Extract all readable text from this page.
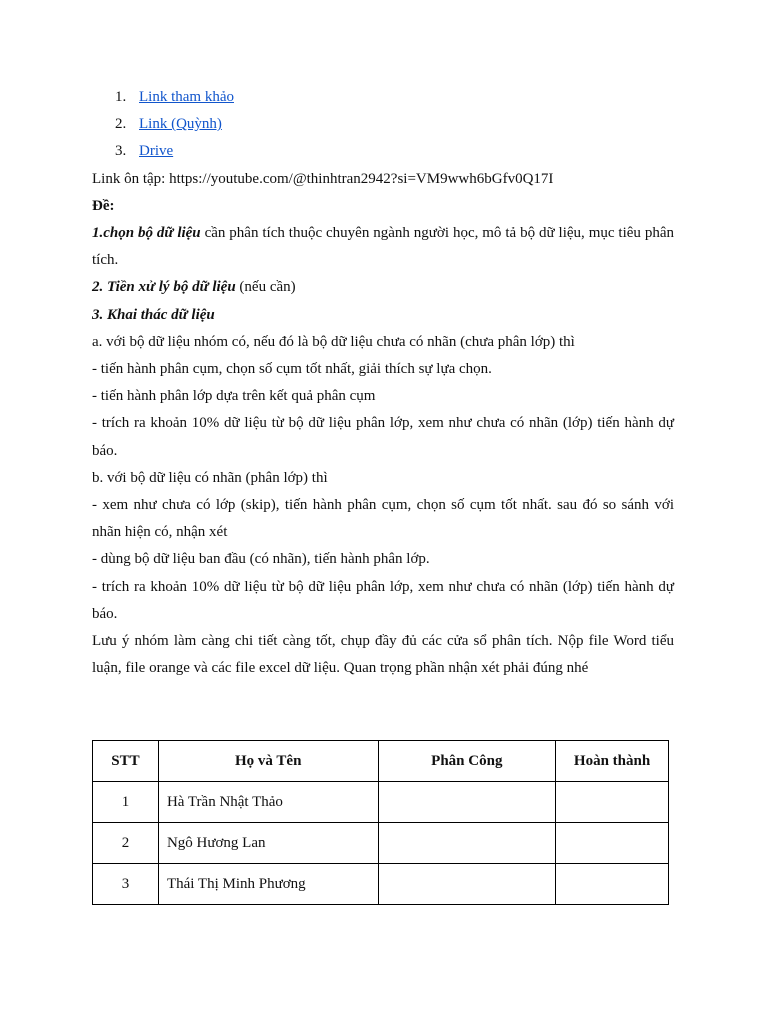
1. Link tham khảo
2. Link (Quỳnh)
3. Drive

Link ôn tập: https://youtube.com/@thinhtran2942?si=VM9wwh6bGfv0Q17I

Đề:

1.chọn bộ dữ liệu cần phân tích thuộc chuyên ngành người học, mô tả bộ dữ liệu, mục tiêu phân tích.

2. Tiền xử lý bộ dữ liệu (nếu cần)

3. Khai thác dữ liệu

a. với bộ dữ liệu nhóm có, nếu đó là bộ dữ liệu chưa có nhãn (chưa phân lớp) thì

- tiến hành phân cụm, chọn số cụm tốt nhất, giải thích sự lựa chọn.

- tiến hành phân lớp dựa trên kết quả phân cụm

- trích ra khoản 10% dữ liệu từ bộ dữ liệu phân lớp, xem như chưa có nhãn (lớp) tiến hành dự báo.

b. với bộ dữ liệu có nhãn (phân lớp) thì

- xem như chưa có lớp (skip), tiến hành phân cụm, chọn số cụm tốt nhất. sau đó so sánh với nhãn hiện có, nhận xét

- dùng bộ dữ liệu ban đầu (có nhãn), tiến hành phân lớp.

- trích ra khoản 10% dữ liệu từ bộ dữ liệu phân lớp, xem như chưa có nhãn (lớp) tiến hành dự báo.

Lưu ý nhóm làm càng chi tiết càng tốt, chụp đầy đủ các cửa sổ phân tích. Nộp file Word tiểu luận, file orange và các file excel dữ liệu. Quan trọng phần nhận xét phải đúng nhé

STT	Họ và Tên	Phân Công	Hoàn thành
1	Hà Trần Nhật Thảo		
2	Ngô Hương Lan		
3	Thái Thị Minh Phương		
